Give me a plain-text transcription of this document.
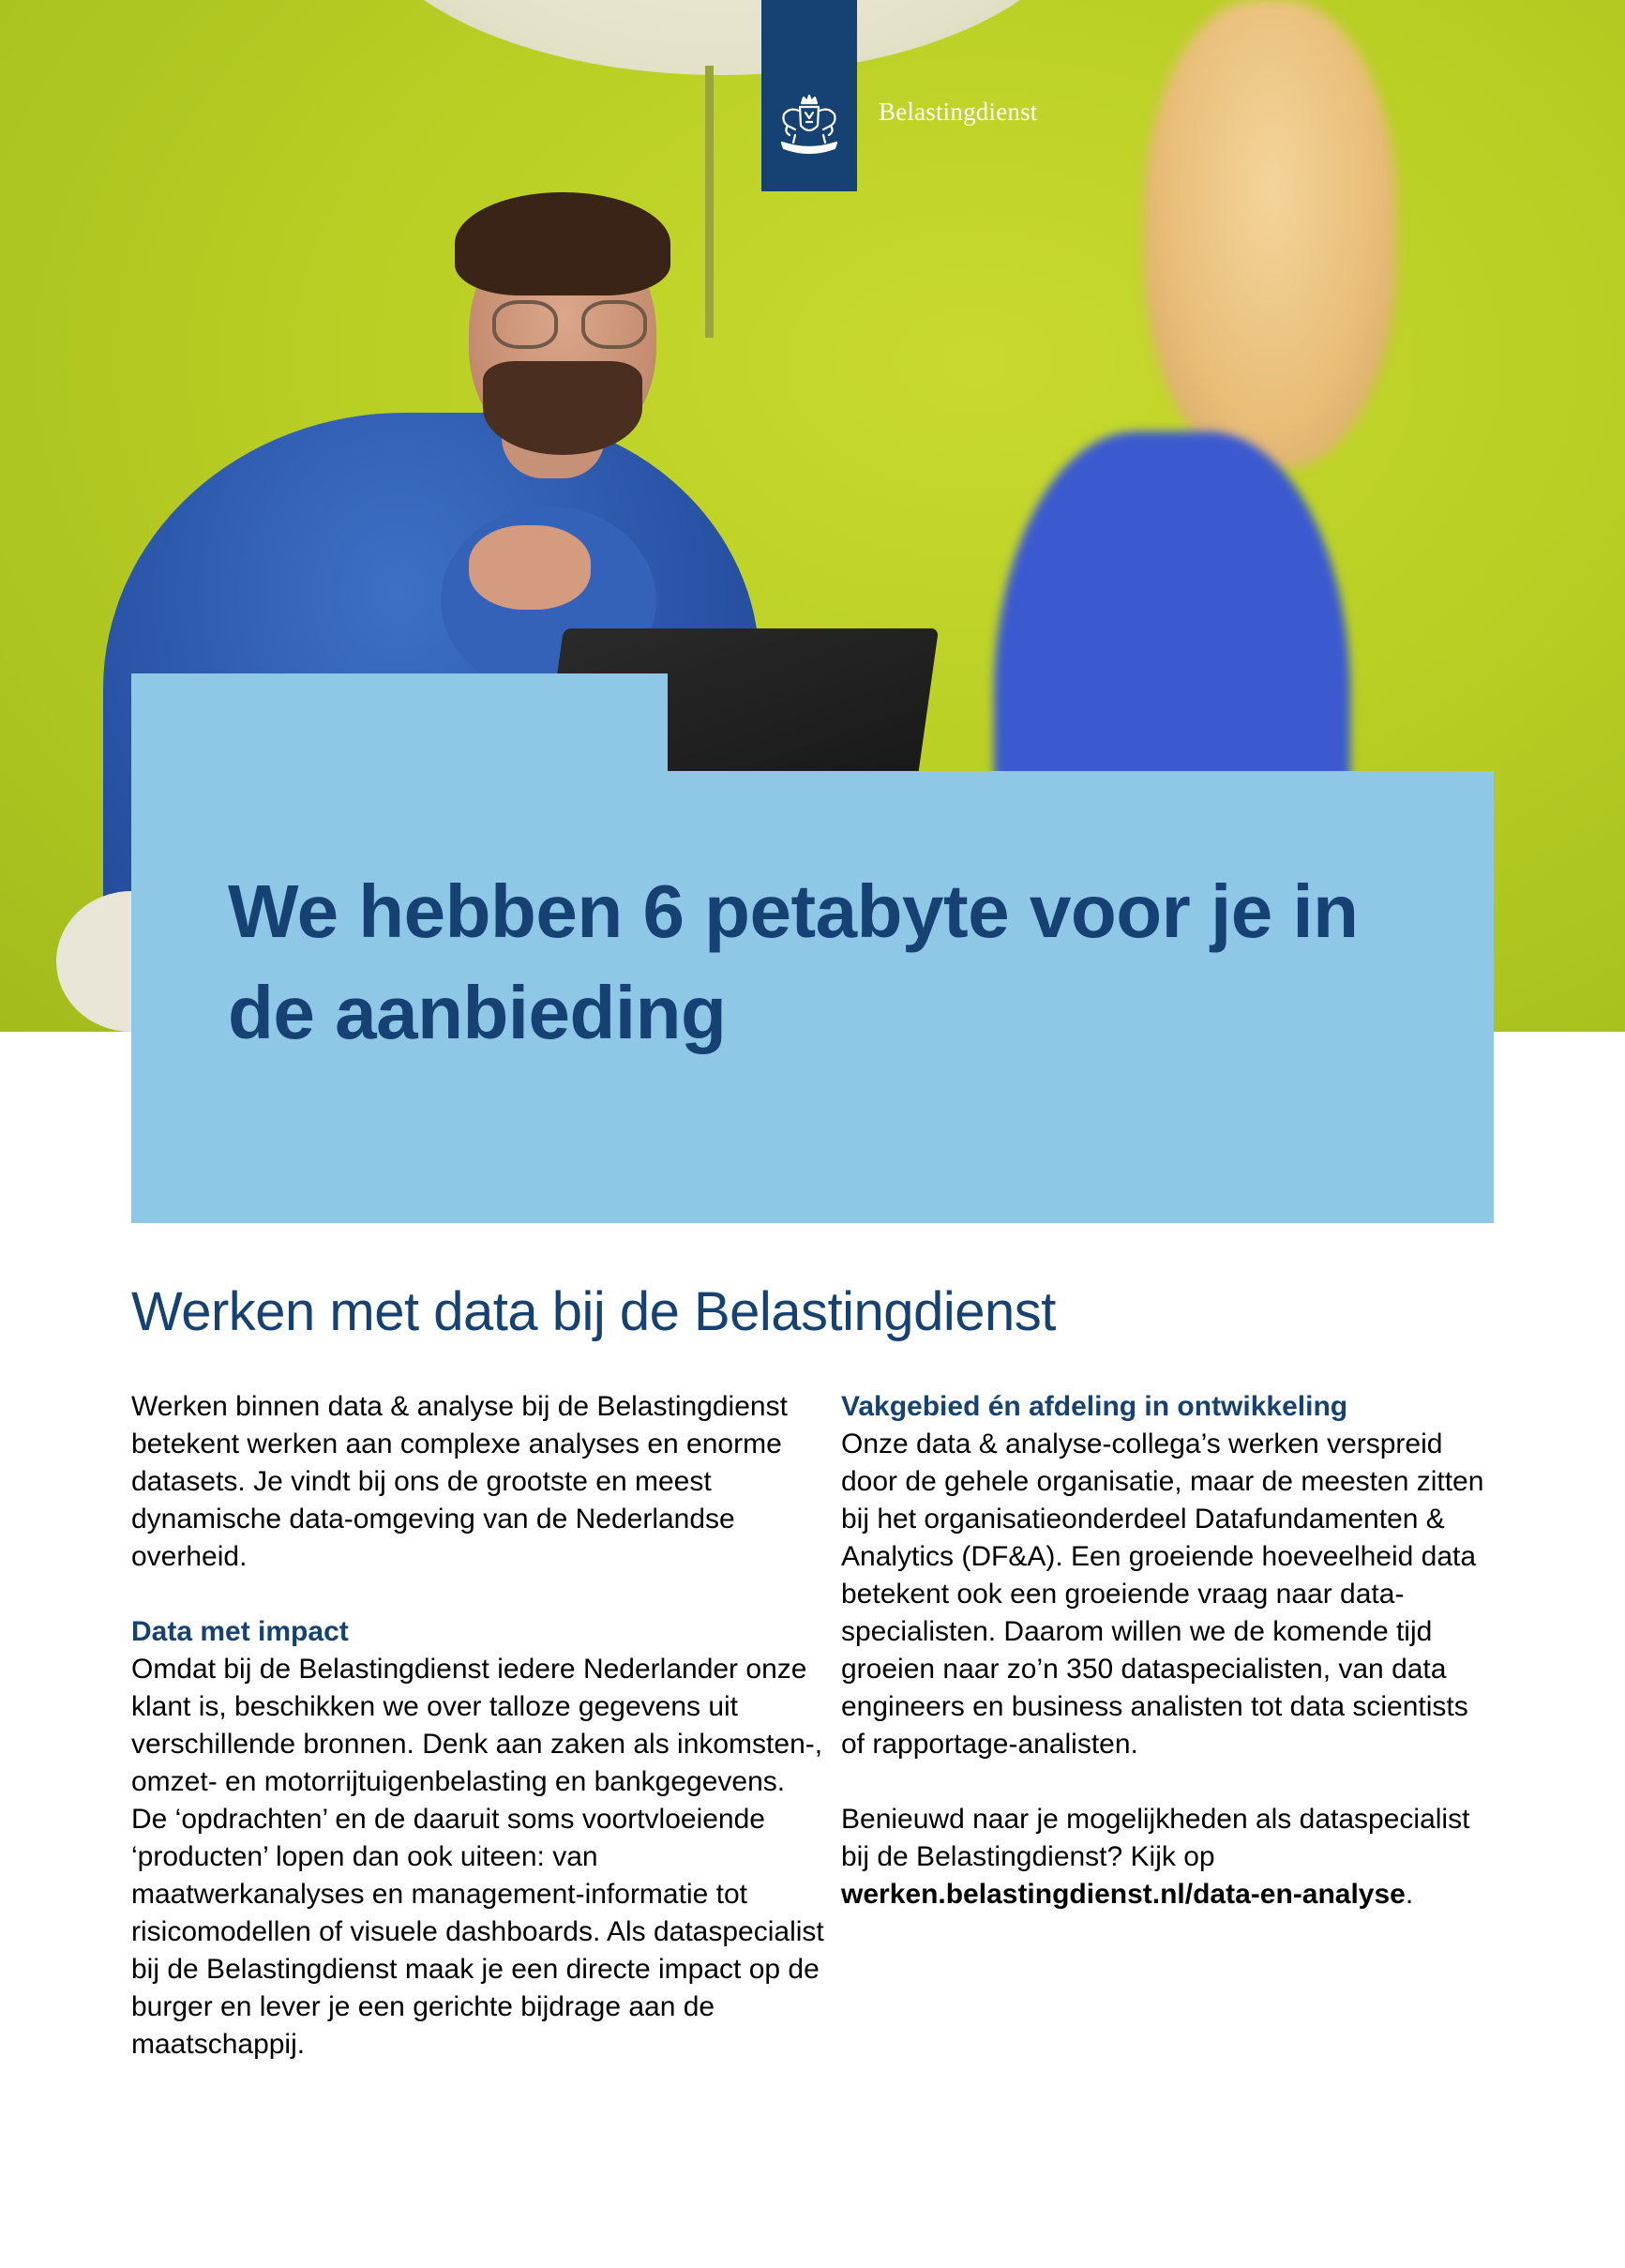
Belastingdienst
We hebben 6 petabyte voor je in de aanbieding
Werken met data bij de Belastingdienst

Werken binnen data & analyse bij de Belastingdienst betekent werken aan complexe analyses en enorme datasets. Je vindt bij ons de grootste en meest dynamische data-omgeving van de Nederlandse overheid.

Data met impact

Omdat bij de Belastingdienst iedere Nederlander onze klant is, beschikken we over talloze gegevens uit verschillende bronnen. Denk aan zaken als inkomsten-, omzet- en motorrijtuigenbelasting en bankgegevens. De ‘opdrachten’ en de daaruit soms voortvloeiende ‘producten’ lopen dan ook uiteen: van maatwerkanalyses en management-informatie tot risicomodellen of visuele dashboards. Als dataspecialist bij de Belastingdienst maak je een directe impact op de burger en lever je een gerichte bijdrage aan de maatschappij.

Vakgebied én afdeling in ontwikkeling

Onze data & analyse-collega’s werken verspreid door de gehele organisatie, maar de meesten zitten bij het organisatieonderdeel Datafundamenten & Analytics (DF&A). Een groeiende hoeveelheid data betekent ook een groeiende vraag naar data-specialisten. Daarom willen we de komende tijd groeien naar zo’n 350 dataspecialisten, van data engineers en business analisten tot data scientists of rapportage-analisten.

Benieuwd naar je mogelijkheden als dataspecialist bij de Belastingdienst? Kijk op werken.belastingdienst.nl/data-en-analyse.
